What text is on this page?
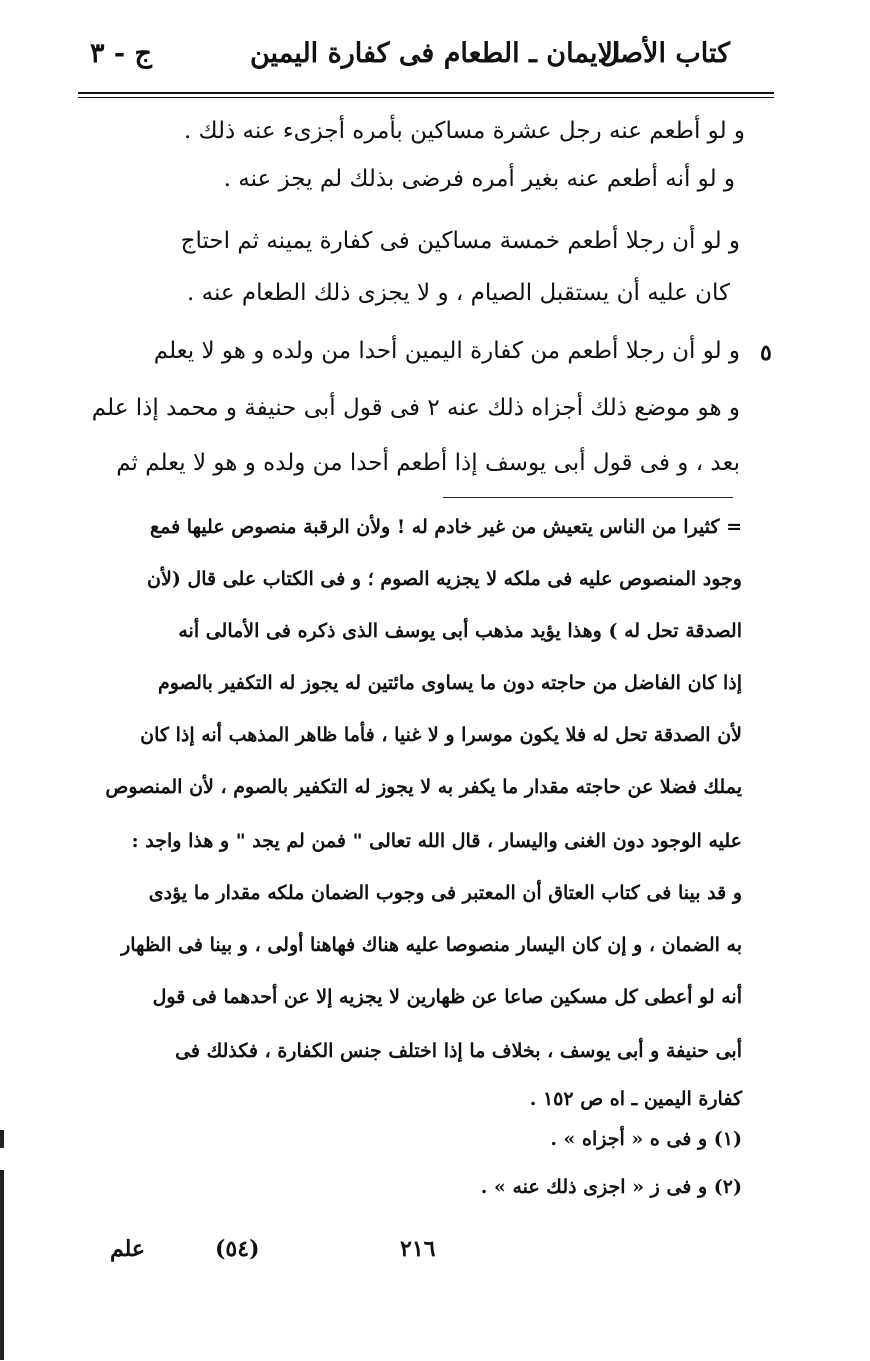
كتاب الأصل
الايمان ـ الطعام فى كفارة اليمين
ج - ٣
و لو أطعم عنه رجل عشرة مساكين بأمره أجزىء عنه ذلك .
و لو أنه أطعم عنه بغير أمره فرضى بذلك لم يجز عنه .
و لو أن رجلا أطعم خمسة مساكين فى كفارة يمينه ثم احتاج
كان عليه أن يستقبل الصيام ، و لا يجزى ذلك الطعام عنه .
٥
و لو أن رجلا أطعم من كفارة اليمين أحدا من ولده و هو لا يعلم
و هو موضع ذلك أجزاه ذلك عنه ٢ فى قول أبى حنيفة و محمد إذا علم
بعد ، و فى قول أبى يوسف إذا أطعم أحدا من ولده و هو لا يعلم ثم
= كثيرا من الناس يتعيش من غير خادم له ! ولأن الرقبة منصوص عليها فمع
وجود المنصوص عليه فى ملكه لا يجزيه الصوم ؛ و فى الكتاب على قال (لأن
الصدقة تحل له ) وهذا يؤيد مذهب أبى يوسف الذى ذكره فى الأمالى أنه
إذا كان الفاضل من حاجته دون ما يساوى مائتين له يجوز له التكفير بالصوم
لأن الصدقة تحل له فلا يكون موسرا و لا غنيا ، فأما ظاهر المذهب أنه إذا كان
يملك فضلا عن حاجته مقدار ما يكفر به لا يجوز له التكفير بالصوم ، لأن المنصوص
عليه الوجود دون الغنى واليسار ، قال الله تعالى " فمن لم يجد " و هذا واجد :
و قد بينا فى كتاب العتاق أن المعتبر فى وجوب الضمان ملكه مقدار ما يؤدى
به الضمان ، و إن كان اليسار منصوصا عليه هناك فهاهنا أولى ، و بينا فى الظهار
أنه لو أعطى كل مسكين صاعا عن ظهارين لا يجزيه إلا عن أحدهما فى قول
أبى حنيفة و أبى يوسف ، بخلاف ما إذا اختلف جنس الكفارة ، فكذلك فى
كفارة اليمين ـ اه ص ١٥٢ .
(١) و فى ه « أجزاه » .
(٢) و فى ز « اجزى ذلك عنه » .
علم	(٥٤)	٢١٦
